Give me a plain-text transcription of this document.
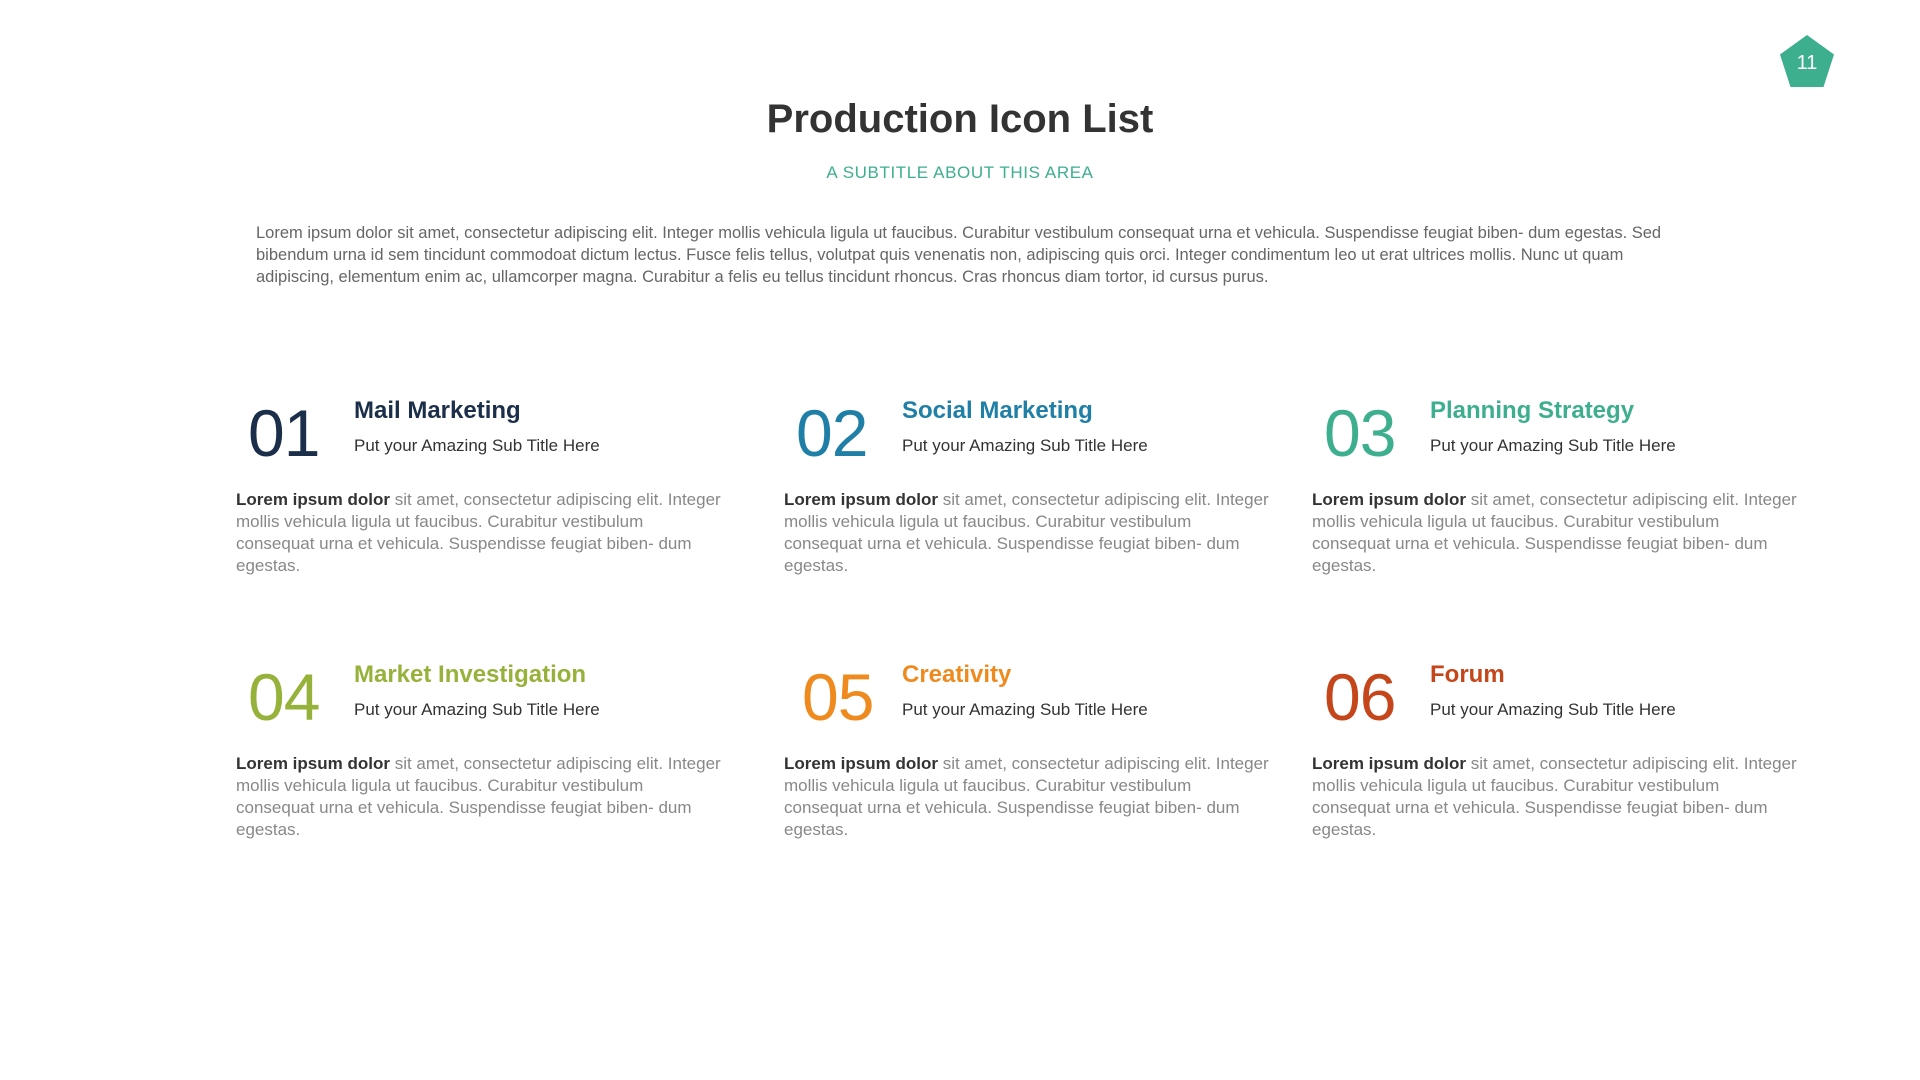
11
Production Icon List
A SUBTITLE ABOUT THIS AREA

Lorem ipsum dolor sit amet, consectetur adipiscing elit. Integer mollis vehicula ligula ut faucibus. Curabitur vestibulum consequat urna et vehicula. Suspendisse feugiat biben- dum egestas. Sed bibendum urna id sem tincidunt commodoat dictum lectus. Fusce felis tellus, volutpat quis venenatis non, adipiscing quis orci. Integer condimentum leo ut erat ultrices mollis. Nunc ut quam adipiscing, elementum enim ac, ullamcorper magna. Curabitur a felis eu tellus tincidunt rhoncus. Cras rhoncus diam tortor, id cursus purus.

01 Mail Marketing
Put your Amazing Sub Title Here

Lorem ipsum dolor sit amet, consectetur adipiscing elit. Integer mollis vehicula ligula ut faucibus. Curabitur vestibulum consequat urna et vehicula. Suspendisse feugiat biben- dum egestas.

02 Social Marketing
Put your Amazing Sub Title Here

Lorem ipsum dolor sit amet, consectetur adipiscing elit. Integer mollis vehicula ligula ut faucibus. Curabitur vestibulum consequat urna et vehicula. Suspendisse feugiat biben- dum egestas.

03 Planning Strategy
Put your Amazing Sub Title Here

Lorem ipsum dolor sit amet, consectetur adipiscing elit. Integer mollis vehicula ligula ut faucibus. Curabitur vestibulum consequat urna et vehicula. Suspendisse feugiat biben- dum egestas.

04 Market Investigation
Put your Amazing Sub Title Here

Lorem ipsum dolor sit amet, consectetur adipiscing elit. Integer mollis vehicula ligula ut faucibus. Curabitur vestibulum consequat urna et vehicula. Suspendisse feugiat biben- dum egestas.

05 Creativity
Put your Amazing Sub Title Here

Lorem ipsum dolor sit amet, consectetur adipiscing elit. Integer mollis vehicula ligula ut faucibus. Curabitur vestibulum consequat urna et vehicula. Suspendisse feugiat biben- dum egestas.

06 Forum
Put your Amazing Sub Title Here

Lorem ipsum dolor sit amet, consectetur adipiscing elit. Integer mollis vehicula ligula ut faucibus. Curabitur vestibulum consequat urna et vehicula. Suspendisse feugiat biben- dum egestas.
